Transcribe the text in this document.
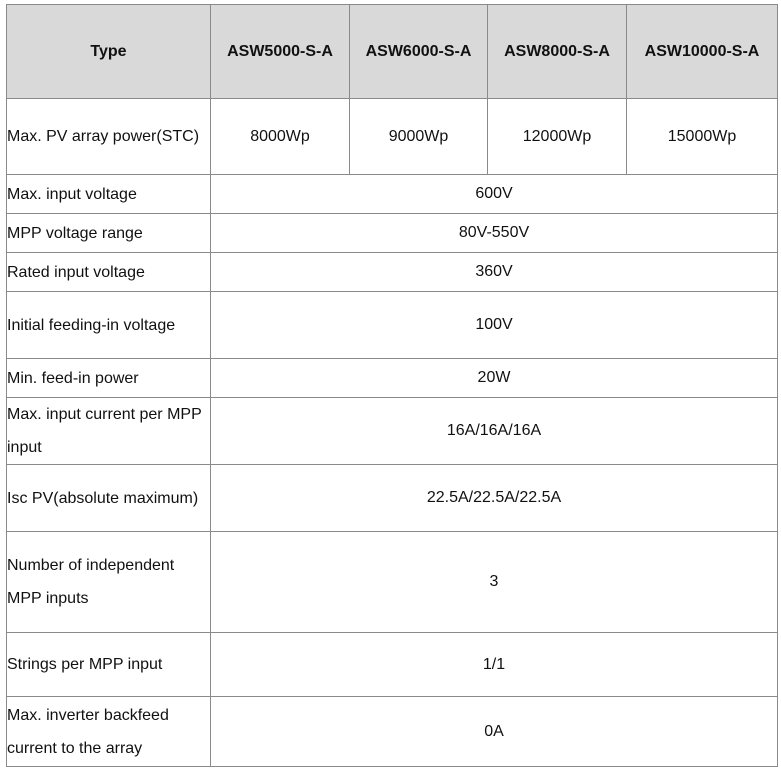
Type	ASW5000-S-A	ASW6000-S-A	ASW8000-S-A	ASW10000-S-A
Max. PV array power(STC)	8000Wp	9000Wp	12000Wp	15000Wp
Max. input voltage	600V			
MPP voltage range	80V-550V			
Rated input voltage	360V			
Initial feeding-in voltage	100V			
Min. feed-in power	20W			
Max. input current per MPP input	16A/16A/16A			
Isc PV(absolute maximum)	22.5A/22.5A/22.5A			
Number of independent MPP inputs	3			
Strings per MPP input	1/1			
Max. inverter backfeed current to the array	0A			
